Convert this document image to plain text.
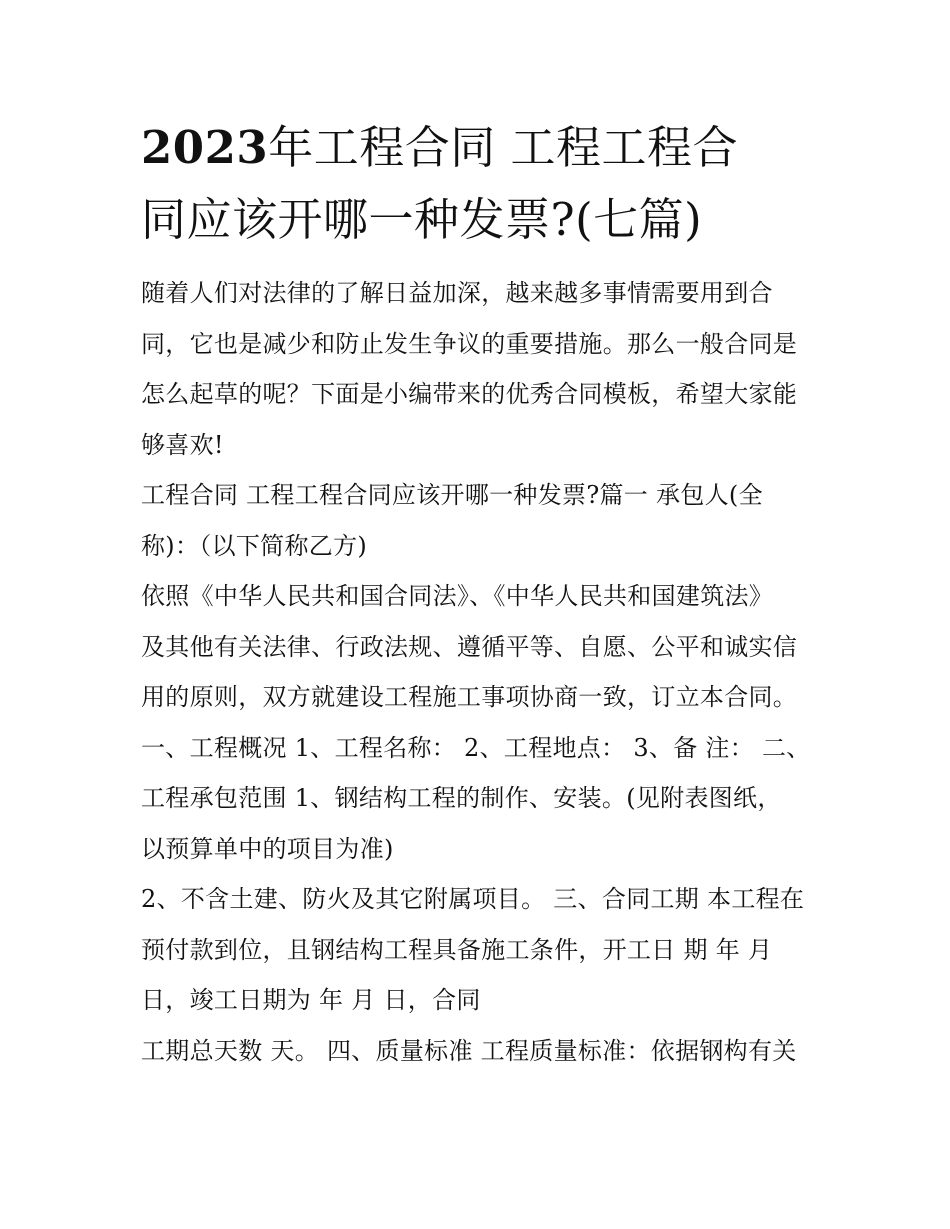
2023年工程合同 工程工程合
同应该开哪一种发票?(七篇)

随着人们对法律的了解日益加深，越来越多事情需要用到合
同，它也是减少和防止发生争议的重要措施。那么一般合同是
怎么起草的呢？下面是小编带来的优秀合同模板，希望大家能
够喜欢!

工程合同 工程工程合同应该开哪一种发票?篇一 承包人(全
称)：（以下简称乙方)

依照《中华人民共和国合同法》、《中华人民共和国建筑法》
及其他有关法律、行政法规、遵循平等、自愿、公平和诚实信
用的原则，双方就建设工程施工事项协商一致，订立本合同。
一、工程概况 1、工程名称： 2、工程地点： 3、备 注： 二、
工程承包范围 1、钢结构工程的制作、安装。(见附表图纸，
以预算单中的项目为准)

2、不含土建、防火及其它附属项目。 三、合同工期 本工程在
预付款到位，且钢结构工程具备施工条件，开工日 期 年 月
日，竣工日期为 年 月 日，合同

工期总天数 天。 四、质量标准 工程质量标准：依据钢构有关
